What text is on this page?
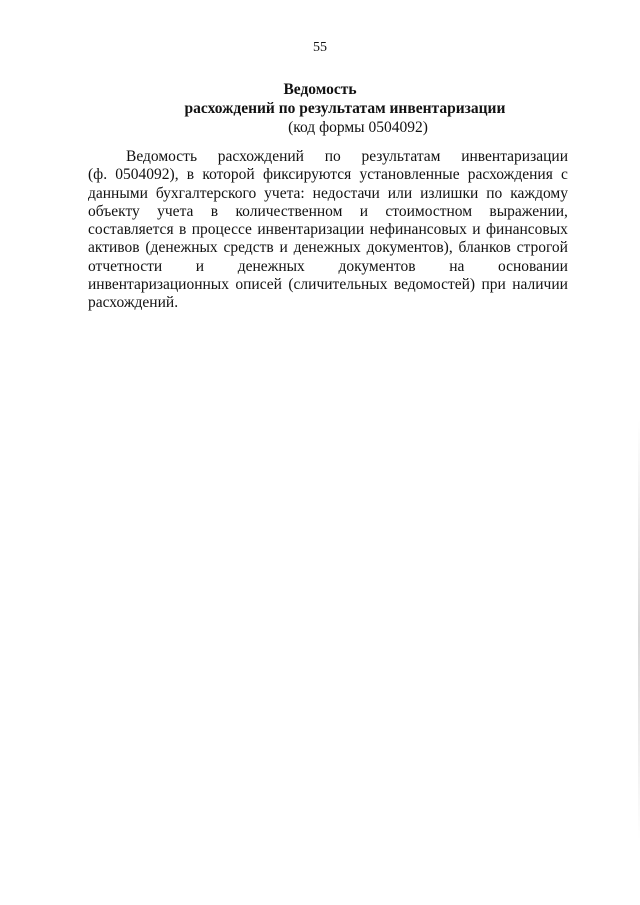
55
Ведомость
расхождений по результатам инвентаризации
(код формы 0504092)
Ведомость расхождений по результатам инвентаризации
(ф. 0504092), в которой фиксируются установленные расхождения с
данными бухгалтерского учета: недостачи или излишки по каждому
объекту учета в количественном и стоимостном выражении,
составляется в процессе инвентаризации нефинансовых и финансовых
активов (денежных средств и денежных документов), бланков строгой
отчетности и денежных документов на основании
инвентаризационных описей (сличительных ведомостей) при наличии
расхождений.
